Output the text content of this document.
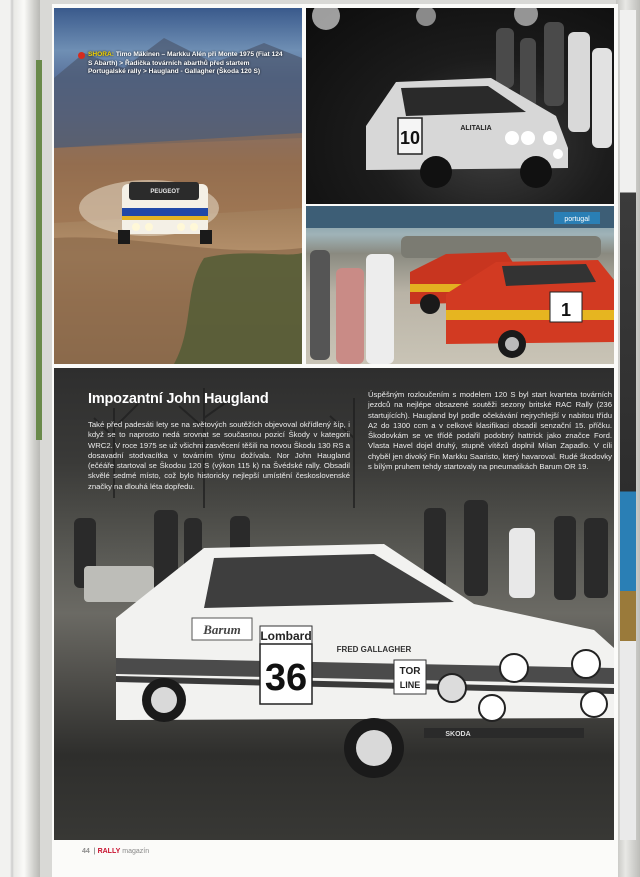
PEUGEOT
SHORA: Timo Mäkinen – Markku Alén při Monte 1975 (Fiat 124 S Abarth) > Řadička továrních abarthů před startem Portugalské rally > Haugland - Gallagher (Škoda 120 S)
10	ALITALIA
portugal
1
Barum Lombard
36
FRED GALLAGHER
TOR
LINE
SKODA
Impozantní John Haugland

Také před padesáti lety se na světových soutěžích objevoval okřídlený šíp, i když se to naprosto nedá srovnat se současnou pozicí Škody v kategorii WRC2. V roce 1975 se už všichni zasvěcení těšili na novou Škodu 130 RS a dosavadní stodvacítka v továrním týmu dožívala. Nor John Haugland (ečéáře startoval se Škodou 120 S (výkon 115 k) na Švédské rally. Obsadil skvělé sedmé místo, což bylo historicky nejlepší umístění československé značky na dlouhá léta dopředu.

Úspěšným rozloučením s modelem 120 S byl start kvarteta továrních jezdců na nejlépe obsazené soutěži sezony britské RAC Rally (236 startujících). Haugland byl podle očekávání nejrychlejší v nabitou třídu A2 do 1300 ccm a v celkové klasifikaci obsadil senzační 15. příčku. Škodovkám se ve třídě podařil podobný hattrick jako značce Ford. Vlasta Havel dojel druhý, stupně vítězů doplnil Milan Zapadlo. V cíli chyběl jen divoký Fin Markku Saaristo, který havaroval. Rudé škodovky s bílým pruhem tehdy startovaly na pneumatikách Barum OR 19.

44 | RALLY magazín
